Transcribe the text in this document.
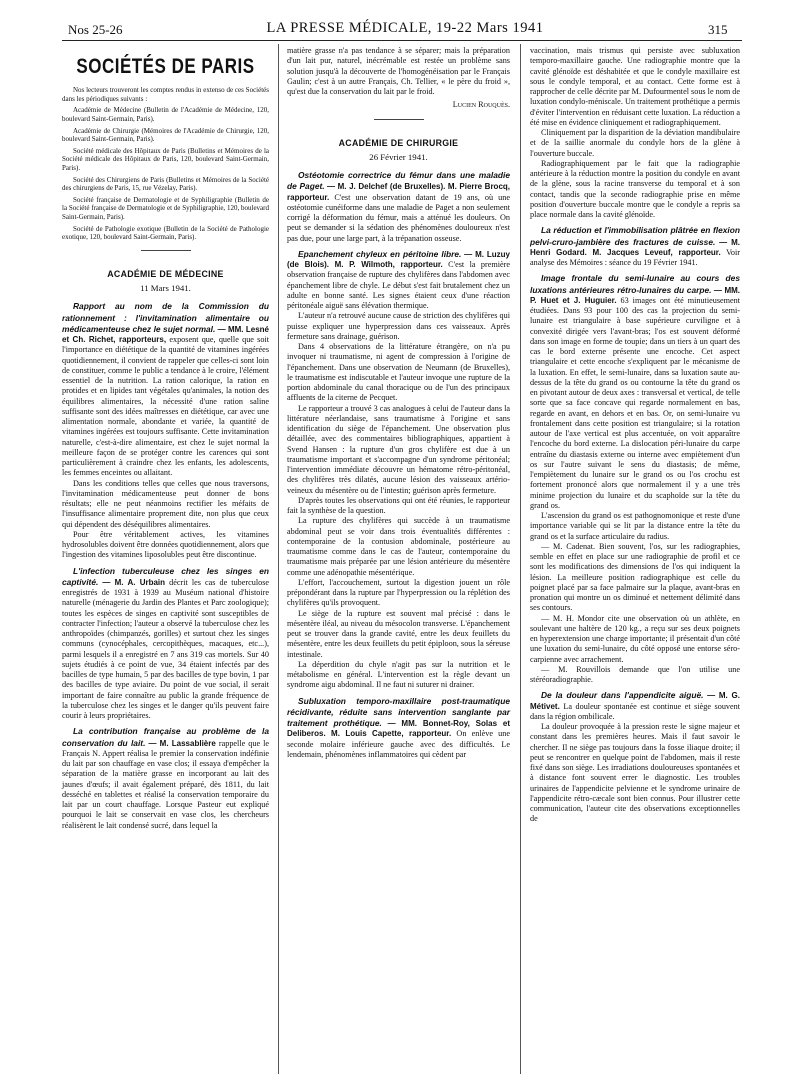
Nos 25-26	LA PRESSE MÉDICALE, 19-22 Mars 1941	315
SOCIÉTÉS DE PARIS

Nos lecteurs trouveront les comptes rendus in extenso de ces Sociétés dans les périodiques suivants :

Académie de Médecine (Bulletin de l'Académie de Médecine, 120, boulevard Saint-Germain, Paris).

Académie de Chirurgie (Mémoires de l'Académie de Chirurgie, 120, boulevard Saint-Germain, Paris).

Société médicale des Hôpitaux de Paris (Bulletins et Mémoires de la Société médicale des Hôpitaux de Paris, 120, boulevard Saint-Germain, Paris).

Société des Chirurgiens de Paris (Bulletins et Mémoires de la Société des chirurgiens de Paris, 15, rue Vézelay, Paris).

Société française de Dermatologie et de Syphiligraphie (Bulletin de la Société française de Dermatologie et de Syphiligraphie, 120, boulevard Saint-Germain, Paris).

Société de Pathologie exotique (Bulletin de la Société de Pathologie exotique, 120, boulevard Saint-Germain, Paris).

ACADÉMIE DE MÉDECINE
11 Mars 1941.

Rapport au nom de la Commission du rationnement : l'invitamination alimentaire ou médicamenteuse chez le sujet normal. — MM. Lesné et Ch. Richet, rapporteurs, exposent que, quelle que soit l'importance en diététique de la quantité de vitamines ingérées quotidiennement, il convient de rappeler que celles-ci sont loin de constituer, comme le public a tendance à le croire, l'élément essentiel de la nutrition. La ration calorique, la ration en protides et en lipides tant végétales qu'animales, la notion des équilibres alimentaires, la nécessité d'une ration saline suffisante sont des idées maîtresses en diététique, car avec une alimentation normale, abondante et variée, la quantité de vitamines ingérées est toujours suffisante. Cette invitamination naturelle, c'est-à-dire alimentaire, est chez le sujet normal la meilleure façon de se protéger contre les carences qui sont particulièrement à craindre chez les enfants, les adolescents, les femmes enceintes ou allaitant.

Dans les conditions telles que celles que nous traversons, l'invitamination médicamenteuse peut donner de bons résultats; elle ne peut néanmoins rectifier les méfaits de l'insuffisance alimentaire proprement dite, non plus que ceux qui dépendent des déséquilibres alimentaires.

Pour être véritablement actives, les vitamines hydrosolubles doivent être données quotidiennement, alors que l'ingestion des vitamines liposolubles peut être discontinue.

L'infection tuberculeuse chez les singes en captivité. — M. A. Urbain décrit les cas de tuberculose enregistrés de 1931 à 1939 au Muséum national d'histoire naturelle (ménagerie du Jardin des Plantes et Parc zoologique); toutes les espèces de singes en captivité sont susceptibles de contracter l'infection; l'auteur a observé la tuberculose chez les anthropoïdes (chimpanzés, gorilles) et surtout chez les singes communs (cynocéphales, cercopithèques, macaques, etc...), parmi lesquels il a enregistré en 7 ans 319 cas mortels. Sur 40 sujets étudiés à ce point de vue, 34 étaient infectés par des bacilles de type humain, 5 par des bacilles de type bovin, 1 par des bacilles de type aviaire. Du point de vue social, il serait important de faire connaître au public la grande fréquence de la tuberculose chez les singes et le danger qu'ils peuvent faire courir à leurs propriétaires.

La contribution française au problème de la conservation du lait. — M. Lassablière rappelle que le Français N. Appert réalisa le premier la conservation indéfinie du lait par son chauffage en vase clos; il essaya d'empêcher la séparation de la matière grasse en incorporant au lait des jaunes d'œufs; il avait également préparé, dès 1811, du lait desséché en tablettes et réalisé la conservation temporaire du lait par un court chauffage. Lorsque Pasteur eut expliqué pourquoi le lait se conservait en vase clos, les chercheurs réalisèrent le lait condensé sucré, dans lequel la

matière grasse n'a pas tendance à se séparer; mais la préparation d'un lait pur, naturel, inécrémable est restée un problème sans solution jusqu'à la découverte de l'homogénéisation par le Français Gaulin; c'est à un autre Français, Ch. Tellier, « le père du froid », qu'est due la conservation du lait par le froid.

Lucien Rouquès.
ACADÉMIE DE CHIRURGIE
26 Février 1941.

Ostéotomie correctrice du fémur dans une maladie de Paget. — M. J. Delchef (de Bruxelles). M. Pierre Brocq, rapporteur. C'est une observation datant de 19 ans, où une ostéotomie cunéiforme dans une maladie de Paget a non seulement corrigé la déformation du fémur, mais a atténué les douleurs. On peut se demander si la sédation des phénomènes douloureux n'est pas due, pour une large part, à la trépanation osseuse.

Epanchement chyleux en péritoine libre. — M. Luzuy (de Blois). M. P. Wilmoth, rapporteur. C'est la première observation française de rupture des chylifères dans l'abdomen avec épanchement libre de chyle. Le début s'est fait brutalement chez un adulte en bonne santé. Les signes étaient ceux d'une réaction péritonéale aiguë sans élévation thermique.

L'auteur n'a retrouvé aucune cause de striction des chylifères qui puisse expliquer une hyperpression dans ces vaisseaux. Après fermeture sans drainage, guérison.

Dans 4 observations de la littérature étrangère, on n'a pu invoquer ni traumatisme, ni agent de compression à l'origine de l'épanchement. Dans une observation de Neumann (de Bruxelles), le traumatisme est indiscutable et l'auteur invoque une rupture de la portion abdominale du canal thoracique ou de l'un des principaux affluents de la citerne de Pecquet.

Le rapporteur a trouvé 3 cas analogues à celui de l'auteur dans la littérature néerlandaise, sans traumatisme à l'origine et sans identification du siège de l'épanchement. Une observation plus détaillée, avec des commentaires bibliographiques, appartient à Svend Hansen : la rupture d'un gros chylifère est due à un traumatisme important et s'accompagne d'un syndrome péritonéal; l'intervention immédiate découvre un hématome rétro-péritonéal, des chylifères très dilatés, aucune lésion des vaisseaux artério-veineux du mésentère ou de l'intestin; guérison après fermeture.

D'après toutes les observations qui ont été réunies, le rapporteur fait la synthèse de la question.

La rupture des chylifères qui succède à un traumatisme abdominal peut se voir dans trois éventualités différentes : contemporaine de la contusion abdominale, postérieure au traumatisme comme dans le cas de l'auteur, contemporaine du traumatisme mais préparée par une lésion antérieure du mésentère comme une adénopathie mésentérique.

L'effort, l'accouchement, surtout la digestion jouent un rôle prépondérant dans la rupture par l'hyperpression ou la réplétion des chylifères qu'ils provoquent.

Le siège de la rupture est souvent mal précisé : dans le mésentère iléal, au niveau du mésocolon transverse. L'épanchement peut se trouver dans la grande cavité, entre les deux feuillets du mésentère, entre les deux feuillets du petit épiploon, sous la séreuse intestinale.

La déperdition du chyle n'agit pas sur la nutrition et le métabolisme en général. L'intervention est la règle devant un syndrome aigu abdominal. Il ne faut ni suturer ni drainer.

Subluxation temporo-maxillaire post-traumatique récidivante, réduite sans intervention sanglante par traitement prothétique. — MM. Bonnet-Roy, Solas et Deliberos. M. Louis Capette, rapporteur. On enlève une seconde molaire inférieure gauche avec des difficultés. Le lendemain, phénomènes inflammatoires qui cèdent par

vaccination, mais trismus qui persiste avec subluxation temporo-maxillaire gauche. Une radiographie montre que la cavité glénoïde est déshabitée et que le condyle maxillaire est sous le condyle temporal, et au contact. Cette forme est à rapprocher de celle décrite par M. Dufourmentel sous le nom de luxation condylo-méniscale. Un traitement prothétique a permis d'éviter l'intervention en réduisant cette luxation. La réduction a été mise en évidence cliniquement et radiographiquement.

Cliniquement par la disparition de la déviation mandibulaire et de la saillie anormale du condyle hors de la glène à l'ouverture buccale.

Radiographiquement par le fait que la radiographie antérieure à la réduction montre la position du condyle en avant de la glène, sous la racine transverse du temporal et à son contact, tandis que la seconde radiographie prise en même position d'ouverture buccale montre que le condyle a repris sa place normale dans la cavité glénoïde.

La réduction et l'immobilisation plâtrée en flexion pelvi-cruro-jambière des fractures de cuisse. — M. Henri Godard. M. Jacques Leveuf, rapporteur. Voir analyse des Mémoires : séance du 19 Février 1941.

Image frontale du semi-lunaire au cours des luxations antérieures rétro-lunaires du carpe. — MM. P. Huet et J. Huguier. 63 images ont été minutieusement étudiées. Dans 93 pour 100 des cas la projection du semi-lunaire est triangulaire à base supérieure curviligne et à convexité dirigée vers l'avant-bras; l'os est souvent déformé dans son image en forme de toupie; dans un tiers à un quart des cas le bord externe présente une encoche. Cet aspect triangulaire et cette encoche s'expliquent par le mécanisme de la luxation. En effet, le semi-lunaire, dans sa luxation saute au-dessus de la tête du grand os ou contourne la tête du grand os en pivotant autour de deux axes : transversal et vertical, de telle sorte que sa face concave qui regarde normalement en bas, regarde en avant, en dehors et en bas. Or, on semi-lunaire vu frontalement dans cette position est triangulaire; si la rotation autour de l'axe vertical est plus accentuée, on voit apparaître l'encoche du bord externe. La dislocation péri-lunaire du carpe entraîne du diastasis externe ou interne avec empiètement d'un os sur l'autre suivant le sens du diastasis; de même, l'empiètement du lunaire sur le grand os ou l'os crochu est fortement prononcé alors que normalement il y a une très minime projection du lunaire et du scaphoïde sur la tête du grand os.

L'ascension du grand os est pathognomonique et reste d'une importance variable qui se lit par la distance entre la tête du grand os et la surface articulaire du radius.

— M. Cadenat. Bien souvent, l'os, sur les radiographies, semble en effet en place sur une radiographie de profil et ce sont les modifications des dimensions de l'os qui indiquent la lésion. La meilleure position radiographique est celle du poignet placé par sa face palmaire sur la plaque, avant-bras en pronation qui montre un os diminué et nettement délimité dans ses contours.

— M. H. Mondor cite une observation où un athlète, en soulevant une haltère de 120 kg., a reçu sur ses deux poignets en hyperextension une charge importante; il présentait d'un côté une luxation du semi-lunaire, du côté opposé une entorse séro-carpienne avec arrachement.

— M. Rouvillois demande que l'on utilise une stéréoradiographie.

De la douleur dans l'appendicite aiguë. — M. G. Métivet. La douleur spontanée est continue et siège souvent dans la région ombilicale.

La douleur provoquée à la pression reste le signe majeur et constant dans les premières heures. Mais il faut savoir le chercher. Il ne siège pas toujours dans la fosse iliaque droite; il peut se rencontrer en quelque point de l'abdomen, mais il reste fixé dans son siège. Les irradiations douloureuses spontanées et à distance font souvent errer le diagnostic. Les troubles urinaires de l'appendicite pelvienne et le syndrome urinaire de l'appendicite rétro-cæcale sont bien connus. Pour illustrer cette communication, l'auteur cite des observations exceptionnelles de
